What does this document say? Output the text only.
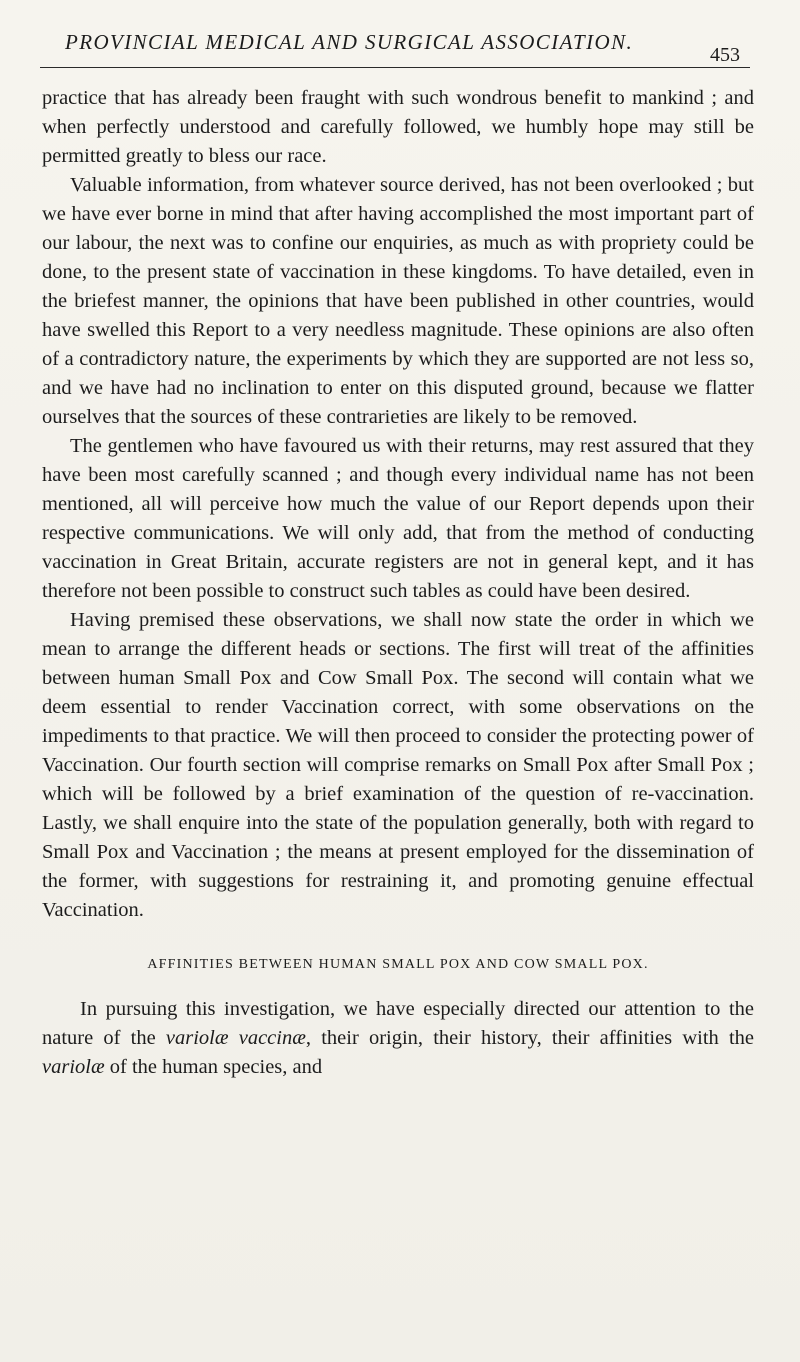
PROVINCIAL MEDICAL AND SURGICAL ASSOCIATION.
453

practice that has already been fraught with such wondrous benefit to mankind ; and when perfectly understood and carefully followed, we humbly hope may still be permitted greatly to bless our race.

Valuable information, from whatever source derived, has not been overlooked ; but we have ever borne in mind that after having accomplished the most important part of our labour, the next was to confine our enquiries, as much as with propriety could be done, to the present state of vaccination in these kingdoms. To have detailed, even in the briefest manner, the opinions that have been published in other countries, would have swelled this Report to a very needless magnitude. These opinions are also often of a contradictory nature, the experiments by which they are supported are not less so, and we have had no inclination to enter on this disputed ground, because we flatter ourselves that the sources of these contrarieties are likely to be removed.

The gentlemen who have favoured us with their returns, may rest assured that they have been most carefully scanned ; and though every individual name has not been mentioned, all will perceive how much the value of our Report depends upon their respective communications. We will only add, that from the method of conducting vaccination in Great Britain, accurate registers are not in general kept, and it has therefore not been possible to construct such tables as could have been desired.

Having premised these observations, we shall now state the order in which we mean to arrange the different heads or sections. The first will treat of the affinities between human Small Pox and Cow Small Pox. The second will contain what we deem essential to render Vaccination correct, with some observations on the impediments to that practice. We will then proceed to consider the protecting power of Vaccination. Our fourth section will comprise remarks on Small Pox after Small Pox ; which will be followed by a brief examination of the question of re-vaccination. Lastly, we shall enquire into the state of the population generally, both with regard to Small Pox and Vaccination ; the means at present employed for the dissemination of the former, with suggestions for restraining it, and promoting genuine effectual Vaccination.

AFFINITIES BETWEEN HUMAN SMALL POX AND COW SMALL POX.

In pursuing this investigation, we have especially directed our attention to the nature of the variolæ vaccinæ, their origin, their history, their affinities with the variolæ of the human species, and
